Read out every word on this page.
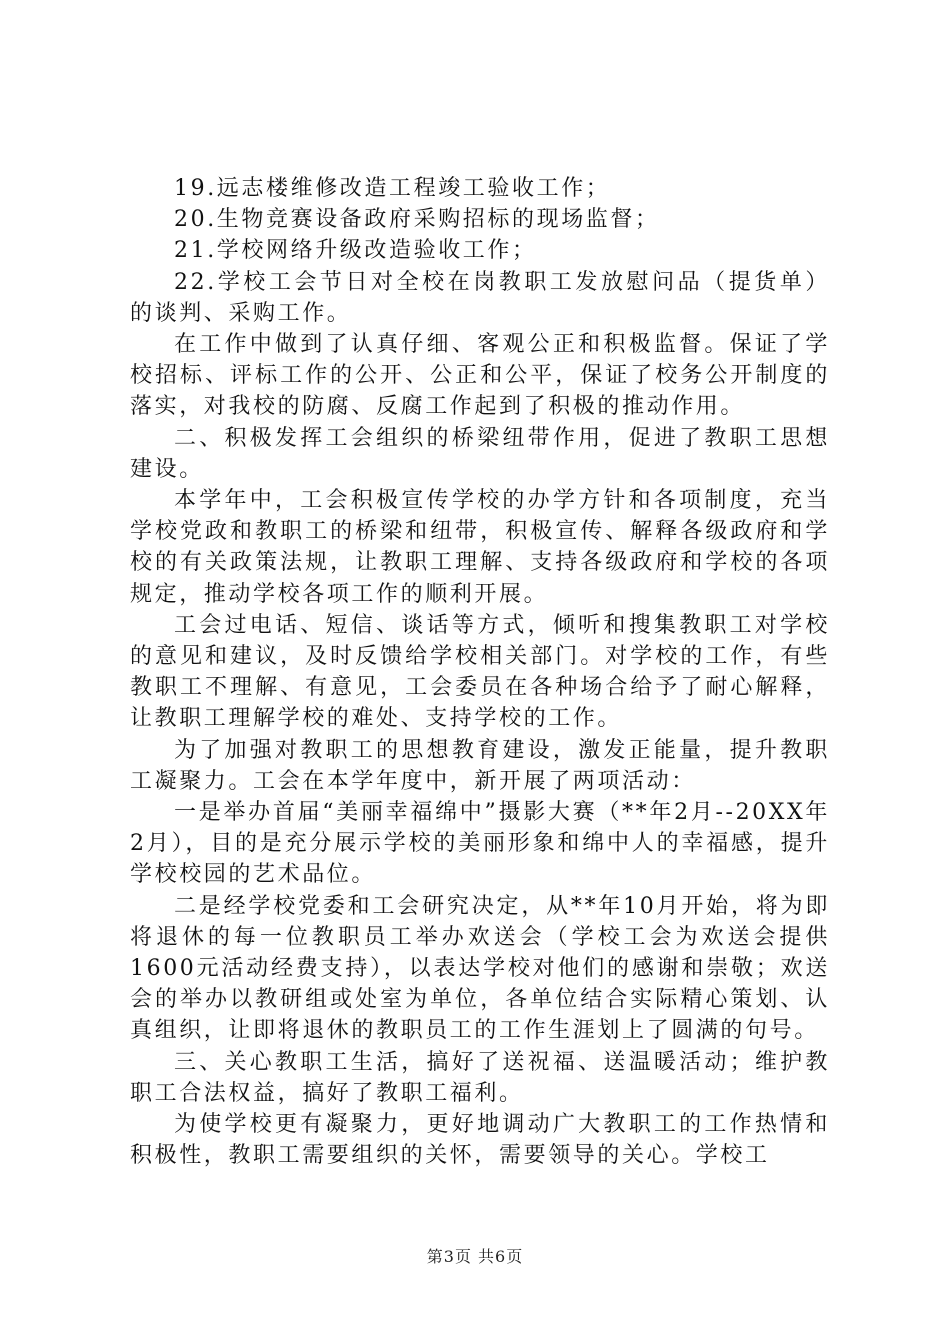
19.远志楼维修改造工程竣工验收工作；

20.生物竞赛设备政府采购招标的现场监督；

21.学校网络升级改造验收工作；

22.学校工会节日对全校在岗教职工发放慰问品（提货单）的谈判、采购工作。

在工作中做到了认真仔细、客观公正和积极监督。保证了学校招标、评标工作的公开、公正和公平，保证了校务公开制度的落实，对我校的防腐、反腐工作起到了积极的推动作用。

二、积极发挥工会组织的桥梁纽带作用，促进了教职工思想建设。

本学年中，工会积极宣传学校的办学方针和各项制度，充当学校党政和教职工的桥梁和纽带，积极宣传、解释各级政府和学校的有关政策法规，让教职工理解、支持各级政府和学校的各项规定，推动学校各项工作的顺利开展。

工会过电话、短信、谈话等方式，倾听和搜集教职工对学校的意见和建议，及时反馈给学校相关部门。对学校的工作，有些教职工不理解、有意见，工会委员在各种场合给予了耐心解释，让教职工理解学校的难处、支持学校的工作。

为了加强对教职工的思想教育建设，激发正能量，提升教职工凝聚力。工会在本学年度中，新开展了两项活动：

一是举办首届“美丽幸福绵中”摄影大赛（**年2月--20XX年2月），目的是充分展示学校的美丽形象和绵中人的幸福感，提升学校校园的艺术品位。

二是经学校党委和工会研究决定，从**年10月开始，将为即将退休的每一位教职员工举办欢送会（学校工会为欢送会提供1600元活动经费支持），以表达学校对他们的感谢和崇敬；欢送会的举办以教研组或处室为单位，各单位结合实际精心策划、认真组织，让即将退休的教职员工的工作生涯划上了圆满的句号。

三、关心教职工生活，搞好了送祝福、送温暖活动；维护教职工合法权益，搞好了教职工福利。

为使学校更有凝聚力，更好地调动广大教职工的工作热情和积极性，教职工需要组织的关怀，需要领导的关心。学校工

第3页 共6页
